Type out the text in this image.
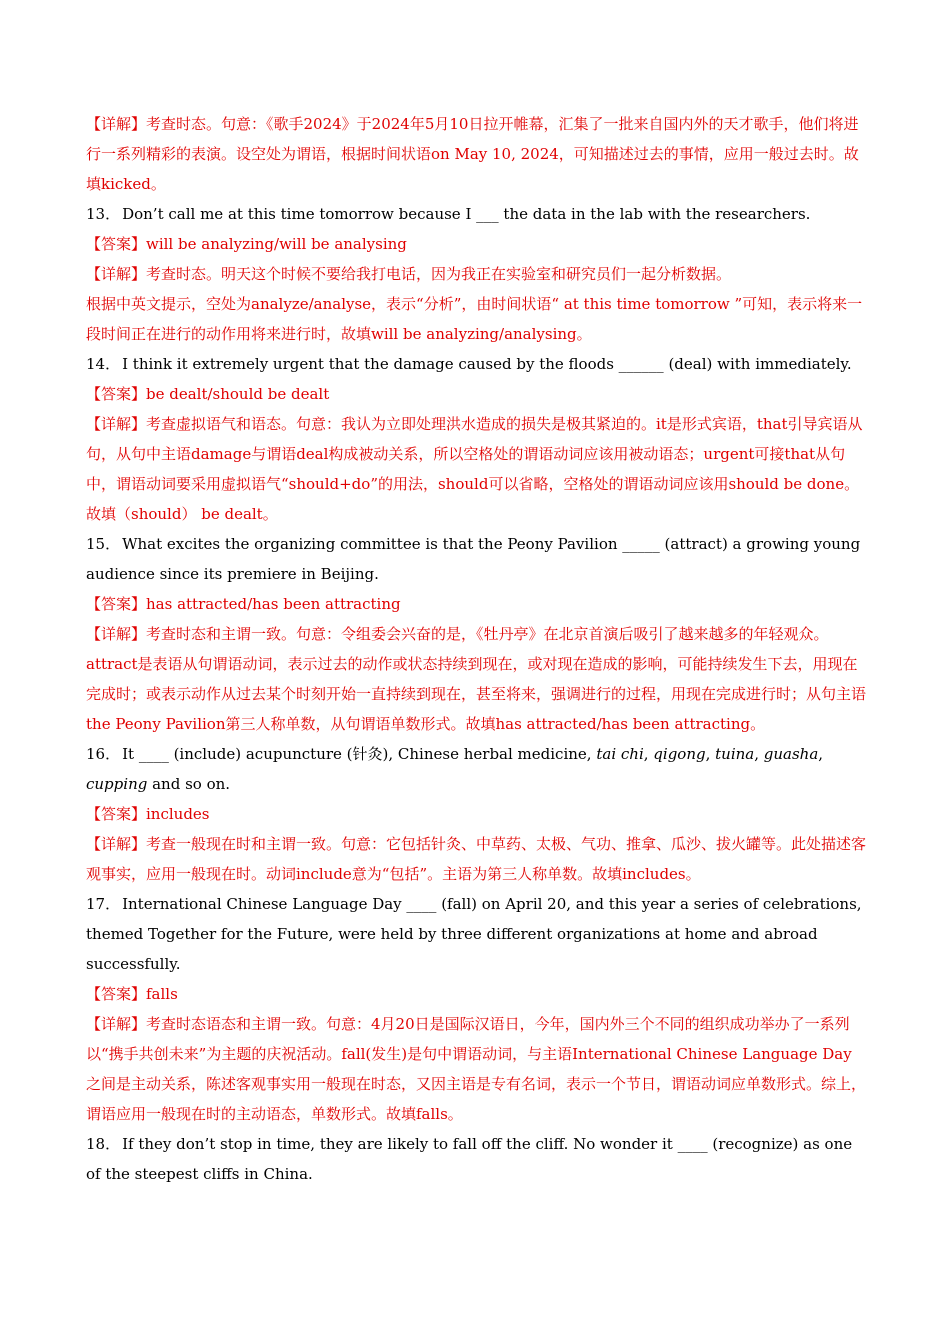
【详解】考查时态。句意：《歌手2024》于2024年5月10日拉开帷幕，汇集了一批来自国内外的天才歌手，他们将进行一系列精彩的表演。设空处为谓语，根据时间状语on May 10, 2024，可知描述过去的事情，应用一般过去时。故填kicked。

13． Don’t call me at this time tomorrow because I ___ the data in the lab with the researchers.

【答案】will be analyzing/will be analysing

【详解】考查时态。明天这个时候不要给我打电话，因为我正在实验室和研究员们一起分析数据。

根据中英文提示，空处为analyze/analyse，表示“分析”，由时间状语“ at this time tomorrow ”可知，表示将来一段时间正在进行的动作用将来进行时，故填will be analyzing/analysing。

14． I think it extremely urgent that the damage caused by the floods ______ (deal) with immediately.

【答案】be dealt/should be dealt

【详解】考查虚拟语气和语态。句意：我认为立即处理洪水造成的损失是极其紧迫的。it是形式宾语，that引导宾语从句，从句中主语damage与谓语deal构成被动关系，所以空格处的谓语动词应该用被动语态；urgent可接that从句中，谓语动词要采用虚拟语气“should+do”的用法，should可以省略，空格处的谓语动词应该用should be done。故填（should） be dealt。

15． What excites the organizing committee is that the Peony Pavilion _____ (attract) a growing young audience since its premiere in Beijing.

【答案】has attracted/has been attracting

【详解】考查时态和主谓一致。句意：令组委会兴奋的是，《牡丹亭》在北京首演后吸引了越来越多的年轻观众。attract是表语从句谓语动词，表示过去的动作或状态持续到现在，或对现在造成的影响，可能持续发生下去，用现在完成时；或表示动作从过去某个时刻开始一直持续到现在，甚至将来，强调进行的过程，用现在完成进行时；从句主语the Peony Pavilion第三人称单数，从句谓语单数形式。故填has attracted/has been attracting。

16． It ____ (include) acupuncture (针灸), Chinese herbal medicine, tai chi, qigong, tuina, guasha, cupping and so on.

【答案】includes

【详解】考查一般现在时和主谓一致。句意：它包括针灸、中草药、太极、气功、推拿、瓜沙、拔火罐等。此处描述客观事实，应用一般现在时。动词include意为“包括”。主语为第三人称单数。故填includes。

17． International Chinese Language Day ____ (fall) on April 20, and this year a series of celebrations, themed Together for the Future, were held by three different organizations at home and abroad successfully.

【答案】falls

【详解】考查时态语态和主谓一致。句意：4月20日是国际汉语日，今年，国内外三个不同的组织成功举办了一系列以“携手共创未来”为主题的庆祝活动。fall(发生)是句中谓语动词，与主语International Chinese Language Day之间是主动关系，陈述客观事实用一般现在时态，又因主语是专有名词，表示一个节日，谓语动词应单数形式。综上，谓语应用一般现在时的主动语态，单数形式。故填falls。

18． If they don’t stop in time, they are likely to fall off the cliff. No wonder it ____ (recognize) as one of the steepest cliffs in China.
